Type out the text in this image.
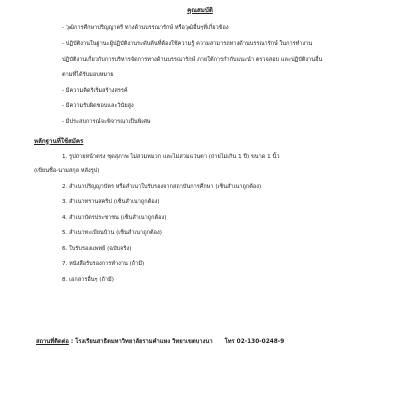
คุณสมบัติ
- วุฒิการศึกษาปริญญาตรี ทางด้านบรรณารักษ์ หรือวุฒิอื่นๆที่เกี่ยวข้อง
- ปฏิบัติงานในฐานะผู้ปฏิบัติงานระดับต้นที่ต้องใช้ความรู้ ความสามารถทางด้านบรรณารักษ์ ในการทำงาน
ปฏิบัติงานเกี่ยวกับการบริหารจัดการทางด้านบรรณารักษ์ ภายใต้การกำกับแนะนำ ตรวจสอบ และปฏิบัติงานอื่น
ตามที่ได้รับมอบหมาย
- มีความคิดริเริ่มสร้างสรรค์
- มีความรับผิดชอบและวินัยสูง
- มีประสบการณ์จะพิจารณาเป็นพิเศษ
หลักฐานที่ใช้สมัคร
1. รูปถ่ายหน้าตรง ชุดสุภาพ ไม่สวมหมวก และไม่สวมแว่นตา (ถ่ายไม่เกิน 1 ปี) ขนาด 1 นิ้ว
(เขียนชื่อ-นามสกุล หลังรูป)
2. สำเนาปริญญาบัตร หรือสำเนาใบรับรองจากสถาบันการศึกษา (เซ็นสำเนาถูกต้อง)
3. สำเนาทรานสคริป (เซ็นสำเนาถูกต้อง)
4. สำเนาบัตรประชาชน (เซ็นสำเนาถูกต้อง)
5. สำเนาทะเบียนบ้าน (เซ็นสำเนาถูกต้อง)
6. ใบรับรองแพทย์ (ฉบับจริง)
7. หนังสือรับรองการทำงาน (ถ้ามี)
8. เอกสารอื่นๆ (ถ้ามี)
สถานที่ติดต่อ : โรงเรียนสาธิตมหาวิทยาลัยรามคำแหง วิทยาเขตบางนา โทร 02-130-0248-9
